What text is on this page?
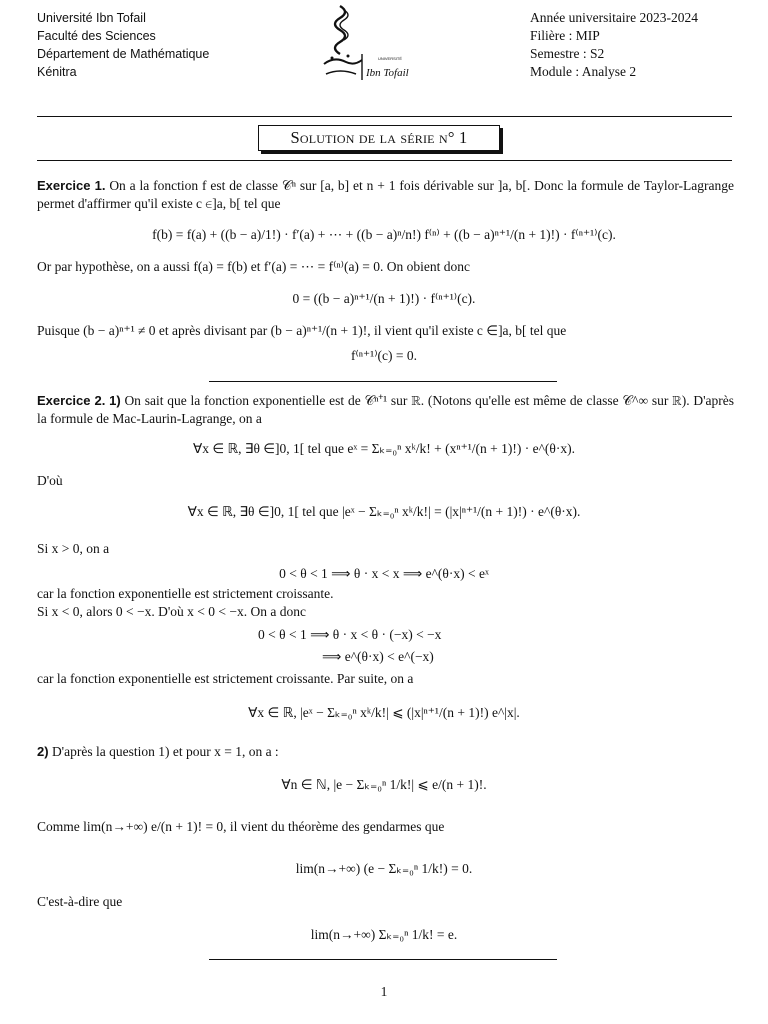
Université Ibn Tofail
Faculté des Sciences
Département de Mathématique
Kénitra	Ibn Tofail
UNIVERSITÉ
Année universitaire 2023-2024
Filière : MIP
Semestre : S2
Module : Analyse 2
Solution de la série n° 1
Exercice 1. On a la fonction f est de classe 𝒞ⁿ sur [a, b] et n + 1 fois dérivable sur ]a, b[. Donc la formule de Taylor-Lagrange permet d'affirmer qu'il existe c ∈]a, b[ tel que
f(b) = f(a) + ((b − a)/1!) · f′(a) + ⋯ + ((b − a)ⁿ/n!) f⁽ⁿ⁾ + ((b − a)ⁿ⁺¹/(n + 1)!) · f⁽ⁿ⁺¹⁾(c).
Or par hypothèse, on a aussi f(a) = f(b) et f′(a) = ⋯ = f⁽ⁿ⁾(a) = 0. On obient donc
0 = ((b − a)ⁿ⁺¹/(n + 1)!) · f⁽ⁿ⁺¹⁾(c).
Puisque (b − a)ⁿ⁺¹ ≠ 0 et après divisant par (b − a)ⁿ⁺¹/(n + 1)!, il vient qu'il existe c ∈]a, b[ tel que
f⁽ⁿ⁺¹⁾(c) = 0.
Exercice 2. 1) On sait que la fonction exponentielle est de 𝒞ⁿ⁺¹ sur ℝ. (Notons qu'elle est même de classe 𝒞^∞ sur ℝ). D'après la formule de Mac-Laurin-Lagrange, on a
∀x ∈ ℝ, ∃θ ∈]0, 1[ tel que eˣ = Σₖ₌₀ⁿ xᵏ/k! + (xⁿ⁺¹/(n + 1)!) · e^(θ·x).
D'où
∀x ∈ ℝ, ∃θ ∈]0, 1[ tel que |eˣ − Σₖ₌₀ⁿ xᵏ/k!| = (|x|ⁿ⁺¹/(n + 1)!) · e^(θ·x).
Si x > 0, on a
0 < θ < 1 ⟹ θ · x < x ⟹ e^(θ·x) < eˣ
car la fonction exponentielle est strictement croissante.
Si x < 0, alors 0 < −x. D'où x < 0 < −x. On a donc
0 < θ < 1 ⟹ θ · x < θ · (−x) < −x
⟹ e^(θ·x) < e^(−x)
car la fonction exponentielle est strictement croissante. Par suite, on a
∀x ∈ ℝ, |eˣ − Σₖ₌₀ⁿ xᵏ/k!| ⩽ (|x|ⁿ⁺¹/(n + 1)!) e^|x|.
2) D'après la question 1) et pour x = 1, on a :
∀n ∈ ℕ, |e − Σₖ₌₀ⁿ 1/k!| ⩽ e/(n + 1)!.
Comme lim(n→+∞) e/(n + 1)! = 0, il vient du théorème des gendarmes que
lim(n→+∞) (e − Σₖ₌₀ⁿ 1/k!) = 0.
C'est-à-dire que
lim(n→+∞) Σₖ₌₀ⁿ 1/k! = e.
1
